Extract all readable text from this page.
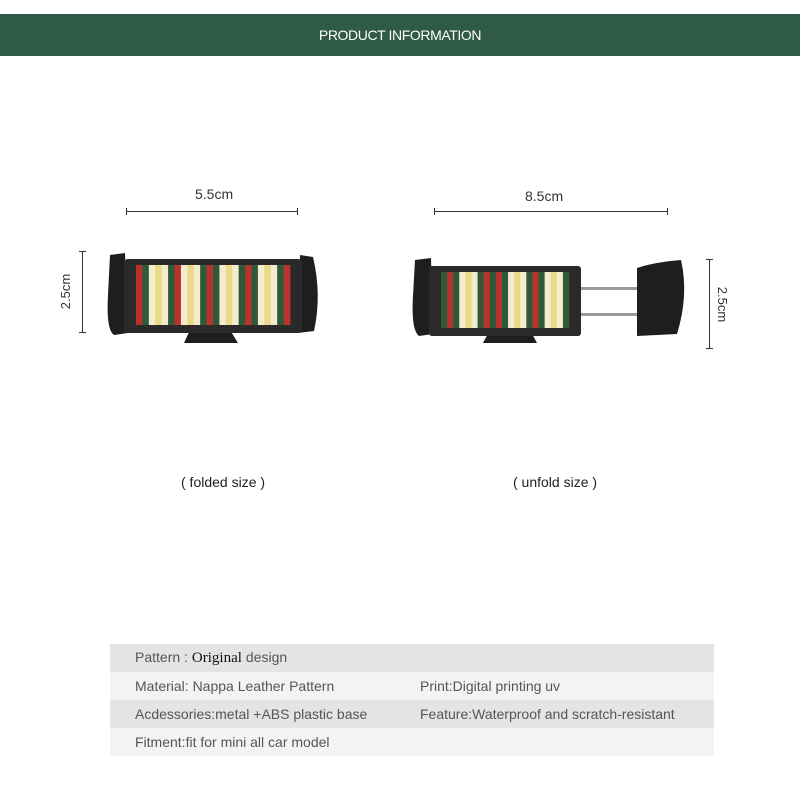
PRODUCT INFORMATION
5.5cm
2.5cm
( folded size )
8.5cm
2.5cm
( unfold size )
Pattern : Original design
Material: Nappa Leather Pattern	Print:Digital printing uv
Acdessories:metal +ABS plastic base	Feature:Waterproof and scratch-resistant
Fitment:fit for mini all car model
